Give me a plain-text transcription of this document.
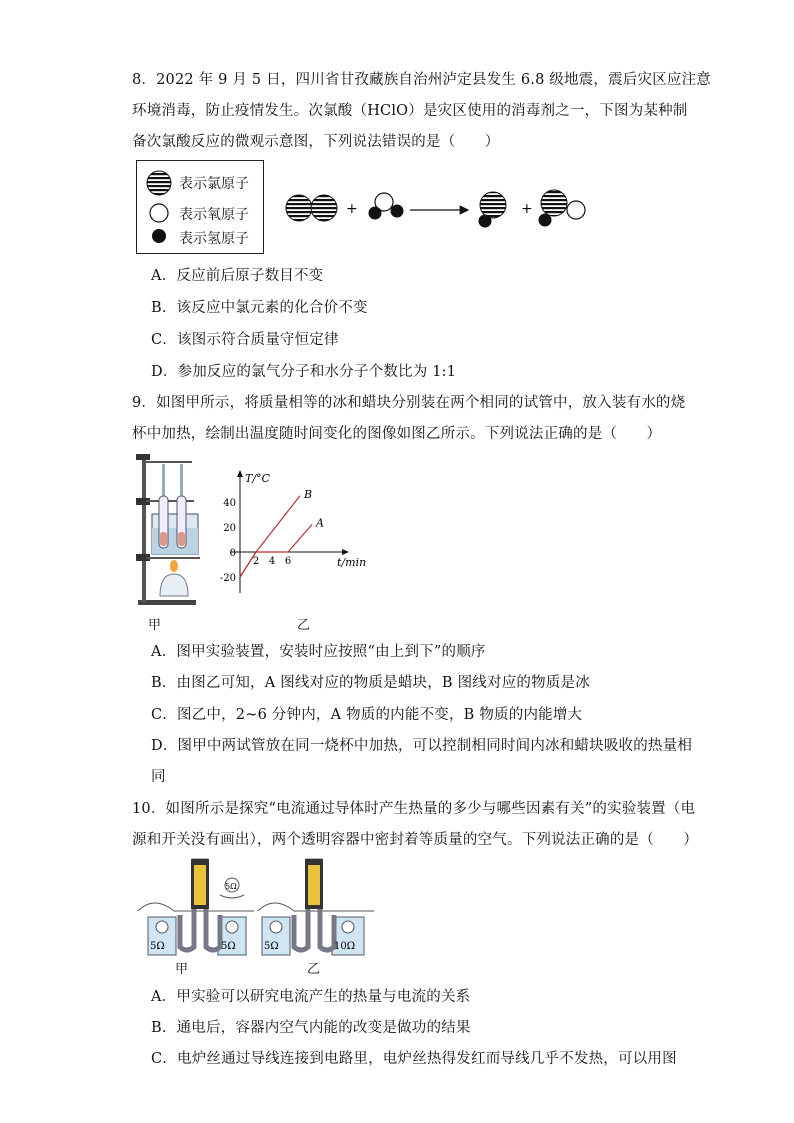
8．2022 年 9 月 5 日，四川省甘孜藏族自治州泸定县发生 6.8 级地震，震后灾区应注意
环境消毒，防止疫情发生。次氯酸（HClO）是灾区使用的消毒剂之一，下图为某种制
备次氯酸反应的微观示意图，下列说法错误的是（　　）
表示氯原子
表示氧原子
表示氢原子
+	+
A．反应前后原子数目不变
B．该反应中氯元素的化合价不变
C．该图示符合质量守恒定律
D．参加反应的氯气分子和水分子个数比为 1:1
9．如图甲所示，将质量相等的冰和蜡块分别装在两个相同的试管中，放入装有水的烧
杯中加热，绘制出温度随时间变化的图像如图乙所示。下列说法正确的是（　　）
甲
T/°C
t/min
40
20
0
-20
2 4 6
B
A
乙
A．图甲实验装置，安装时应按照“由上到下”的顺序
B．由图乙可知，A 图线对应的物质是蜡块，B 图线对应的物质是冰
C．图乙中，2~6 分钟内，A 物质的内能不变，B 物质的内能增大
D．图甲中两试管放在同一烧杯中加热，可以控制相同时间内冰和蜡块吸收的热量相
同
10．如图所示是探究“电流通过导体时产生热量的多少与哪些因素有关”的实验装置（电
源和开关没有画出），两个透明容器中密封着等质量的空气。下列说法正确的是（　　）
5Ω	5Ω
5Ω
5Ω	10Ω
甲	乙
A．甲实验可以研究电流产生的热量与电流的关系
B．通电后，容器内空气内能的改变是做功的结果
C．电炉丝通过导线连接到电路里，电炉丝热得发红而导线几乎不发热，可以用图
